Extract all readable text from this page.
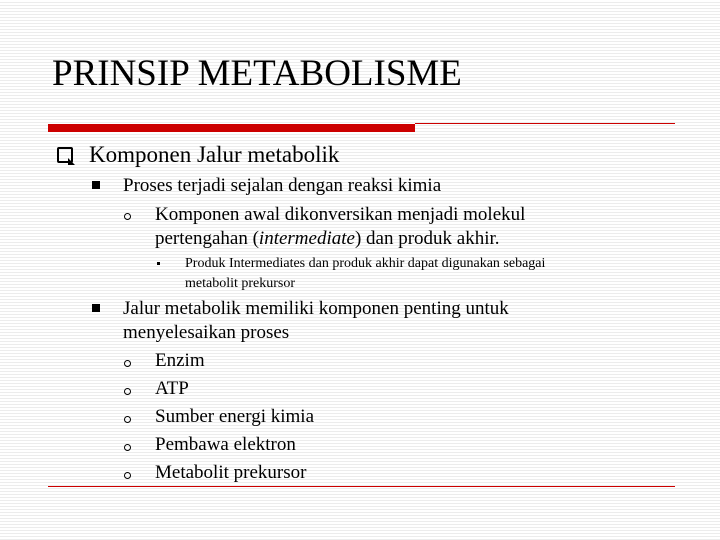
PRINSIP METABOLISME
Komponen Jalur metabolik
Proses terjadi sejalan dengan reaksi kimia
Komponen awal dikonversikan menjadi molekul
pertengahan (intermediate) dan produk akhir.
Produk Intermediates dan produk akhir dapat digunakan sebagai
metabolit prekursor
Jalur metabolik memiliki komponen penting untuk
menyelesaikan proses
Enzim
ATP
Sumber energi kimia
Pembawa elektron
Metabolit prekursor
